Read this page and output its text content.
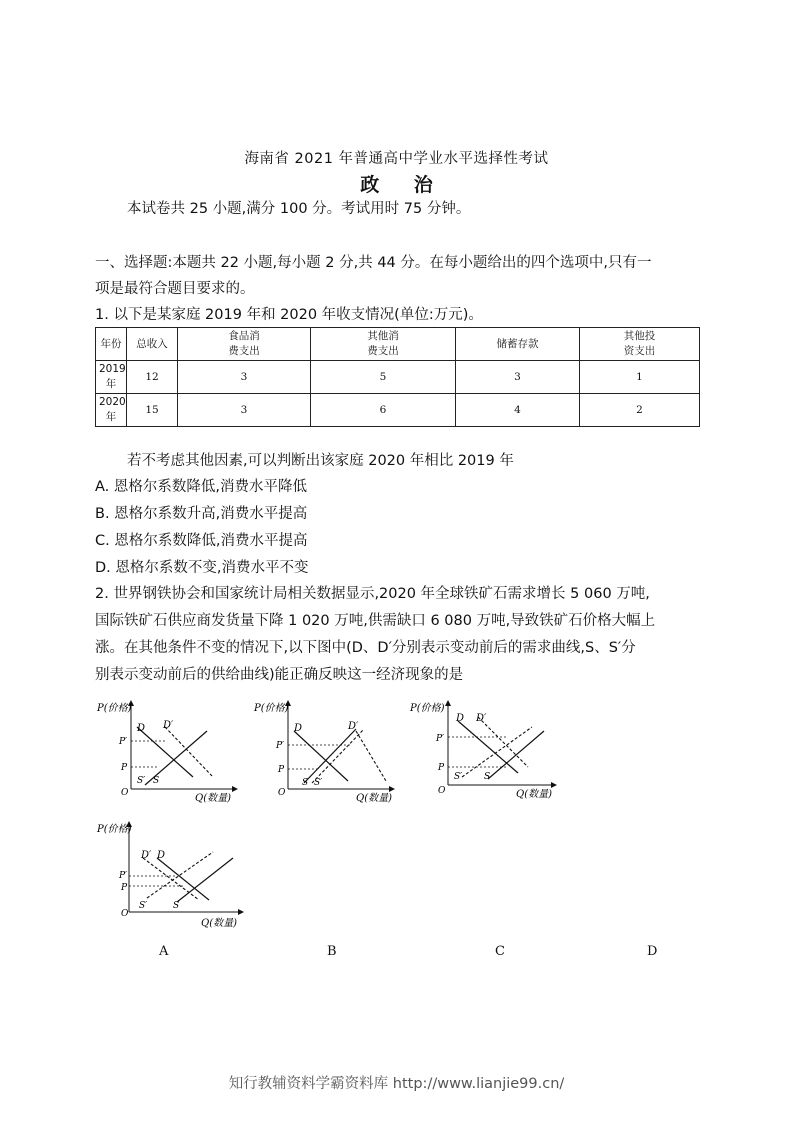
海南省 2021 年普通高中学业水平选择性考试
政 治
本试卷共 25 小题,满分 100 分。考试用时 75 分钟。
一、选择题:本题共 22 小题,每小题 2 分,共 44 分。在每小题给出的四个选项中,只有一
项是最符合题目要求的。
1. 以下是某家庭 2019 年和 2020 年收支情况(单位:万元)。
年份	总收入	食品消费支出	其他消费支出	储蓄存款	其他投资支出

2019 年	12	3	5	3	1

2020 年	15	3	6	4	2
若不考虑其他因素,可以判断出该家庭 2020 年相比 2019 年
A. 恩格尔系数降低,消费水平降低
B. 恩格尔系数升高,消费水平提高
C. 恩格尔系数降低,消费水平提高
D. 恩格尔系数不变,消费水平不变
2. 世界钢铁协会和国家统计局相关数据显示,2020 年全球铁矿石需求增长 5 060 万吨,
国际铁矿石供应商发货量下降 1 020 万吨,供需缺口 6 080 万吨,导致铁矿石价格大幅上
涨。在其他条件不变的情况下,以下图中(D、D′分别表示变动前后的需求曲线,S、S′分
别表示变动前后的供给曲线)能正确反映这一经济现象的是
P(价格)
Q(数量)
O
D D′
P′
P
S′ S
P(价格)
Q(数量)
O
D	D′
P′
P
S S′
P(价格)
Q(数量)
O
D D′
P′
P
S′ S
P(价格)
Q(数量)
O
D′ D
P′
P
S′	S
A	B	C	D
知行教辅资料学霸资料库 http://www.lianjie99.cn/
